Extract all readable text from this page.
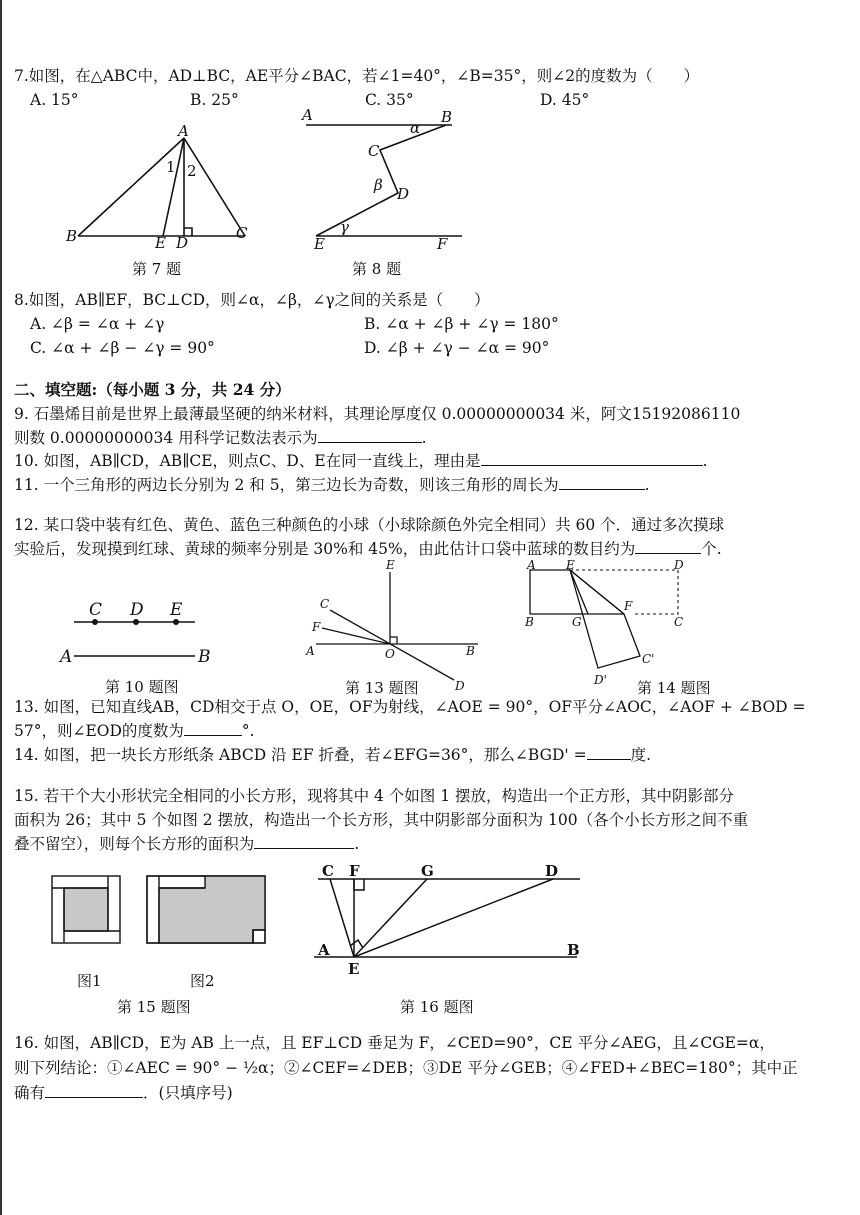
7.如图，在△ABC中，AD⊥BC，AE平分∠BAC，若∠1=40°，∠B=35°，则∠2的度数为（　　）
A. 15°	B. 25°	C. 35°	D. 45°
A
B	C
D
E
1 2
第 7 题
A	B
C
D
E	F
α
β
γ
第 8 题
C D E
A	B
第 10 题图
E
C
F
A	O	B
D
第 13 题图
A	E	D
F
B	G	C
C'
D' 第 14 题图
图1	图2
第 15 题图
C F	G	D
A
E
B
第 16 题图
8.如图，AB∥EF，BC⊥CD，则∠α，∠β，∠γ之间的关系是（　　）
A. ∠β = ∠α + ∠γ	B. ∠α + ∠β + ∠γ = 180°
C. ∠α + ∠β − ∠γ = 90°	D. ∠β + ∠γ − ∠α = 90°
二、填空题:（每小题 3 分，共 24 分）
9. 石墨烯目前是世界上最薄最坚硬的纳米材料，其理论厚度仅 0.00000000034 米，阿文15192086110
则数 0.00000000034 用科学记数法表示为	.
10. 如图，AB∥CD，AB∥CE，则点C、D、E在同一直线上，理由是	.
11. 一个三角形的两边长分别为 2 和 5，第三边长为奇数，则该三角形的周长为	.
12. 某口袋中装有红色、黄色、蓝色三种颜色的小球（小球除颜色外完全相同）共 60 个．通过多次摸球
实验后，发现摸到红球、黄球的频率分别是 30%和 45%，由此估计口袋中蓝球的数目约为	个.
13. 如图，已知直线AB，CD相交于点 O，OE，OF为射线，∠AOE = 90°，OF平分∠AOC，∠AOF + ∠BOD =
57°，则∠EOD的度数为	°.
14. 如图，把一块长方形纸条 ABCD 沿 EF 折叠，若∠EFG=36°，那么∠BGD' =	度.
15. 若干个大小形状完全相同的小长方形，现将其中 4 个如图 1 摆放，构造出一个正方形，其中阴影部分
面积为 26；其中 5 个如图 2 摆放，构造出一个长方形，其中阴影部分面积为 100（各个小长方形之间不重
叠不留空），则每个长方形的面积为	.
16. 如图，AB∥CD，E为 AB 上一点，且 EF⊥CD 垂足为 F，∠CED=90°，CE 平分∠AEG，且∠CGE=α，
则下列结论：①∠AEC = 90° − ½α；②∠CEF=∠DEB；③DE 平分∠GEB；④∠FED+∠BEC=180°；其中正
确有	．(只填序号)
